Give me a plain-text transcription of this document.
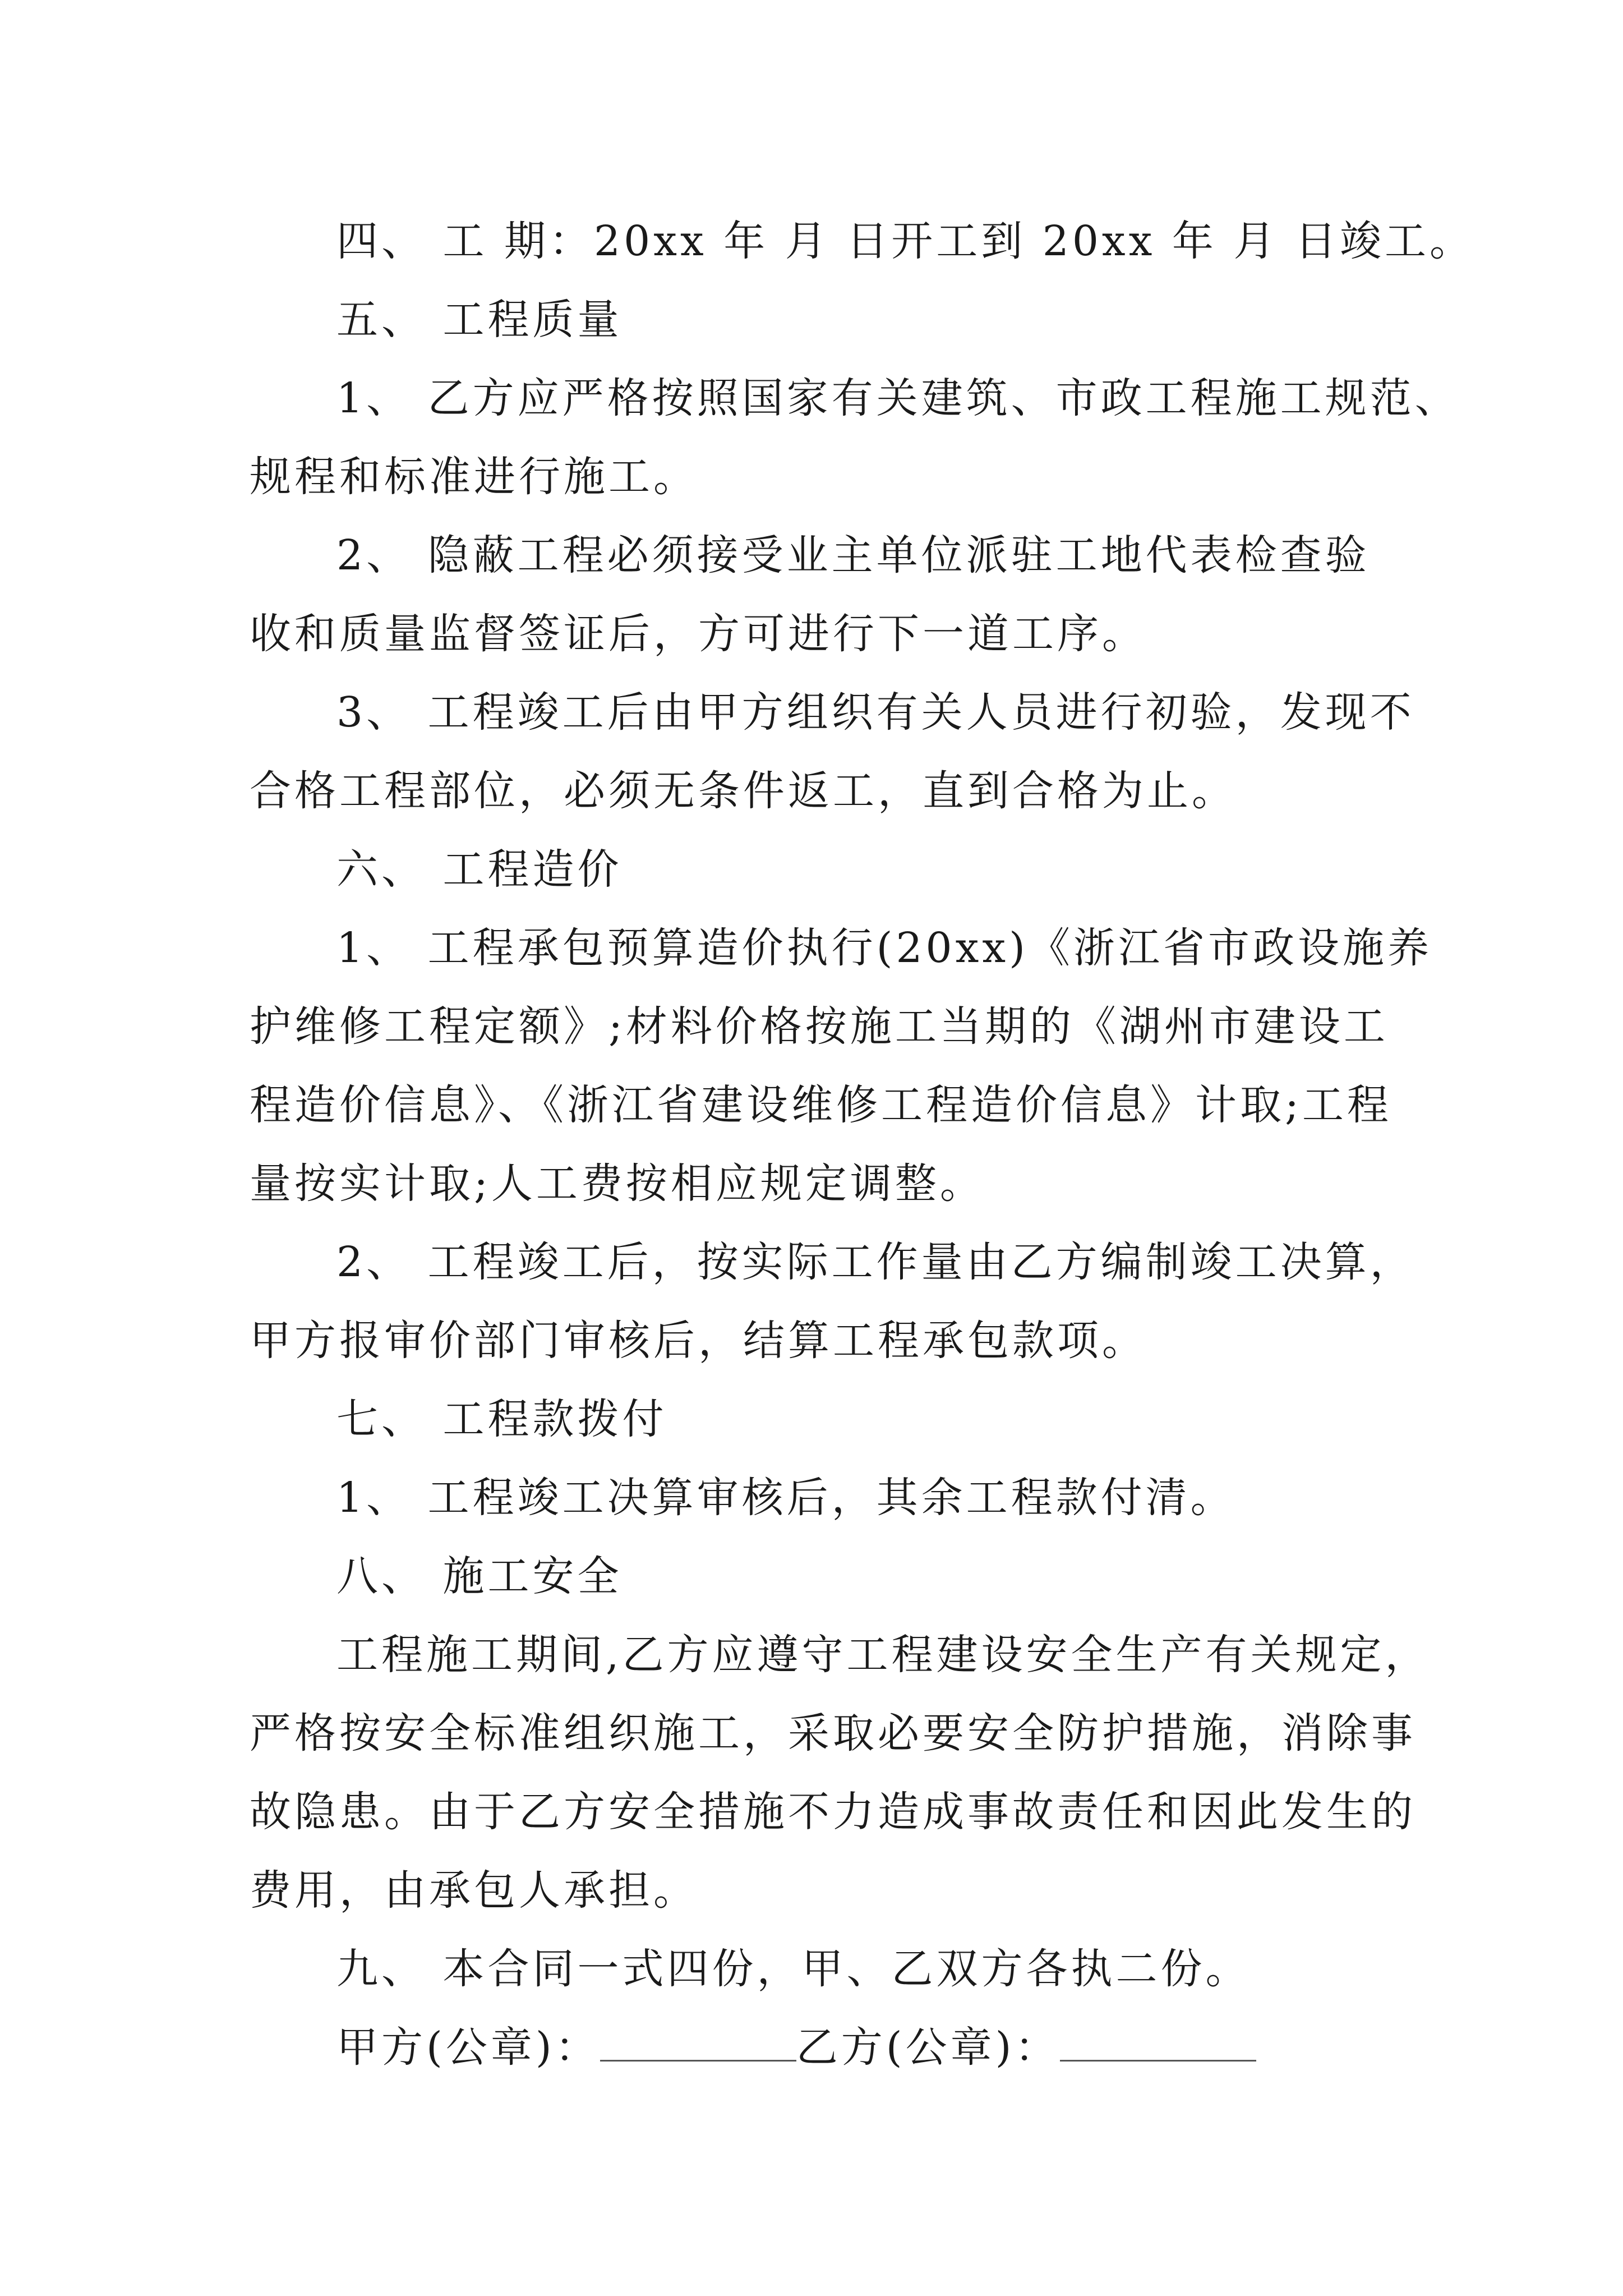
四、 工 期：20xx 年 月 日开工到 20xx 年 月 日竣工。
五、 工程质量
1、 乙方应严格按照国家有关建筑、市政工程施工规范、
规程和标准进行施工。
2、 隐蔽工程必须接受业主单位派驻工地代表检查验
收和质量监督签证后，方可进行下一道工序。
3、 工程竣工后由甲方组织有关人员进行初验，发现不
合格工程部位，必须无条件返工，直到合格为止。
六、 工程造价
1、 工程承包预算造价执行(20xx)《浙江省市政设施养
护维修工程定额》;材料价格按施工当期的《湖州市建设工
程造价信息》、《浙江省建设维修工程造价信息》计取;工程
量按实计取;人工费按相应规定调整。
2、 工程竣工后，按实际工作量由乙方编制竣工决算，
甲方报审价部门审核后，结算工程承包款项。
七、 工程款拨付
1、 工程竣工决算审核后，其余工程款付清。
八、 施工安全
工程施工期间,乙方应遵守工程建设安全生产有关规定，
严格按安全标准组织施工，采取必要安全防护措施，消除事
故隐患。由于乙方安全措施不力造成事故责任和因此发生的
费用，由承包人承担。
九、 本合同一式四份，甲、乙双方各执二份。
甲方(公章)：	乙方(公章)：
